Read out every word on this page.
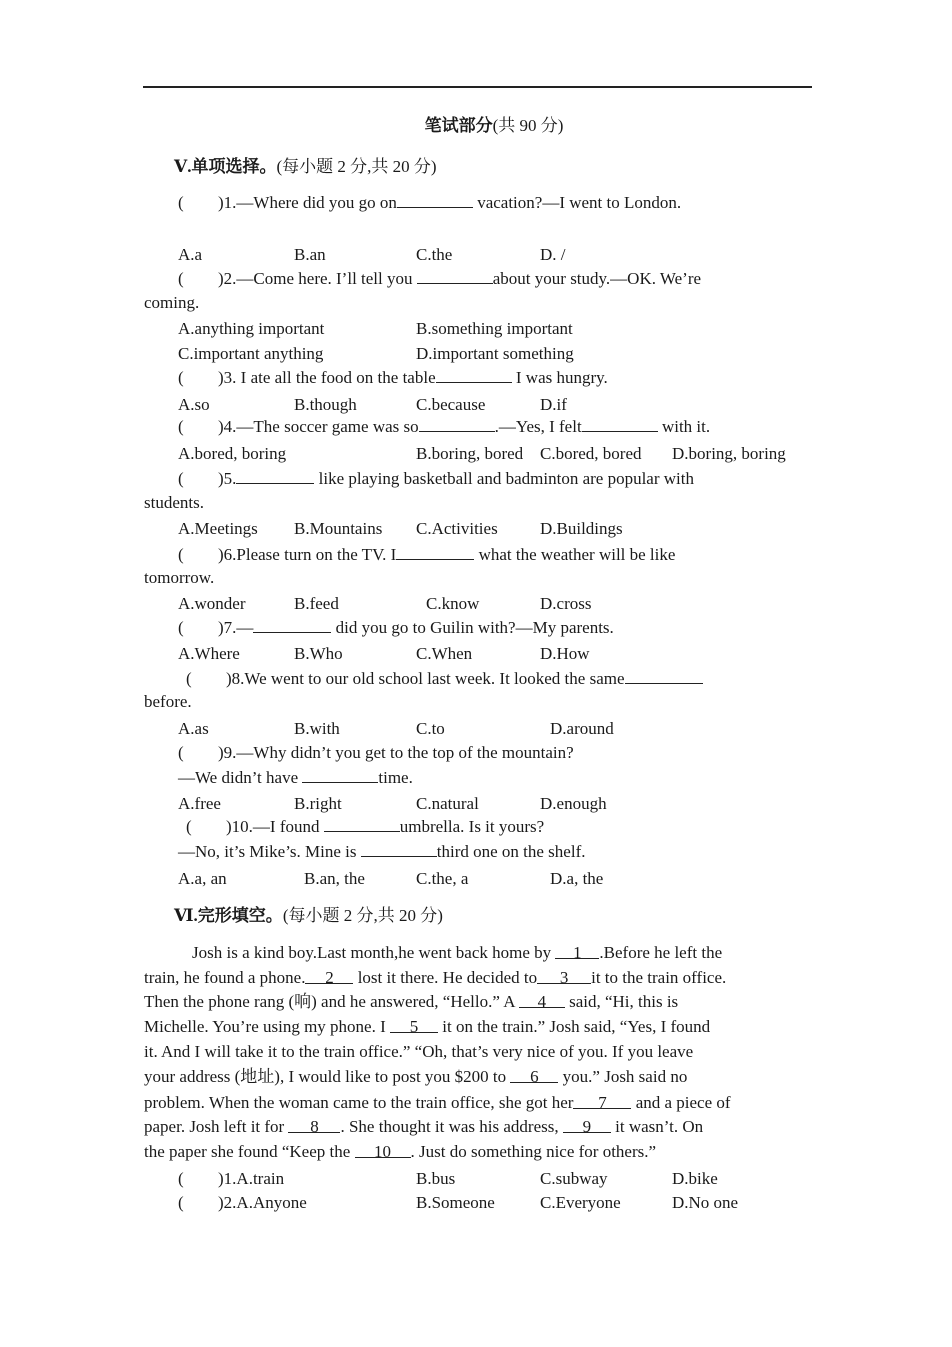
笔试部分(共 90 分)
Ⅴ.单项选择。(每小题 2 分,共 20 分)
( )1.—Where did you go on	vacation?—I went to London.
A.a	B.an	C.the	D. /
( )2.—Come here. I’ll tell you	about your study.—OK. We’re
coming.
A.anything important	B.something important
C.important anything	D.important something
( )3. I ate all the food on the table	I was hungry.
A.so	B.though	C.because	D.if
( )4.—The soccer game was so	.—Yes, I felt	with it.
A.bored, boring	B.boring, bored C.bored, bored D.boring, boring
( )5.	like playing basketball and badminton are popular with
students.
A.Meetings B.Mountains C.Activities D.Buildings
( )6.Please turn on the TV. I	what the weather will be like
tomorrow.
A.wonder	B.feed	C.know	D.cross
( )7.—	did you go to Guilin with?—My parents.
A.Where	B.Who	C.When	D.How
( )8.We went to our old school last week. It looked the same
before.
A.as	B.with	C.to	D.around
( )9.—Why didn’t you get to the top of the mountain?
—We didn’t have	time.
A.free	B.right	C.natural	D.enough
( )10.—I found	umbrella. Is it yours?
—No, it’s Mike’s. Mine is	third one on the shelf.
A.a, an	B.an, the	C.the, a	D.a, the
Ⅵ.完形填空。(每小题 2 分,共 20 分)
Josh is a kind boy.Last month,he went back home by 1 .Before he left the
train, he found a phone. 2 lost it there. He decided to 3 it to the train office.
Then the phone rang (响) and he answered, “Hello.” A 4 said, “Hi, this is
Michelle. You’re using my phone. I 5 it on the train.” Josh said, “Yes, I found
it. And I will take it to the train office.” “Oh, that’s very nice of you. If you leave
your address (地址), I would like to post you $200 to 6 you.” Josh said no
problem. When the woman came to the train office, she got her 7 and a piece of
paper. Josh left it for 8 . She thought it was his address, 9 it wasn’t. On
the paper she found “Keep the 10 . Just do something nice for others.”
( )1.A.train	B.bus	C.subway	D.bike
( )2.A.Anyone	B.Someone	C.Everyone	D.No one
